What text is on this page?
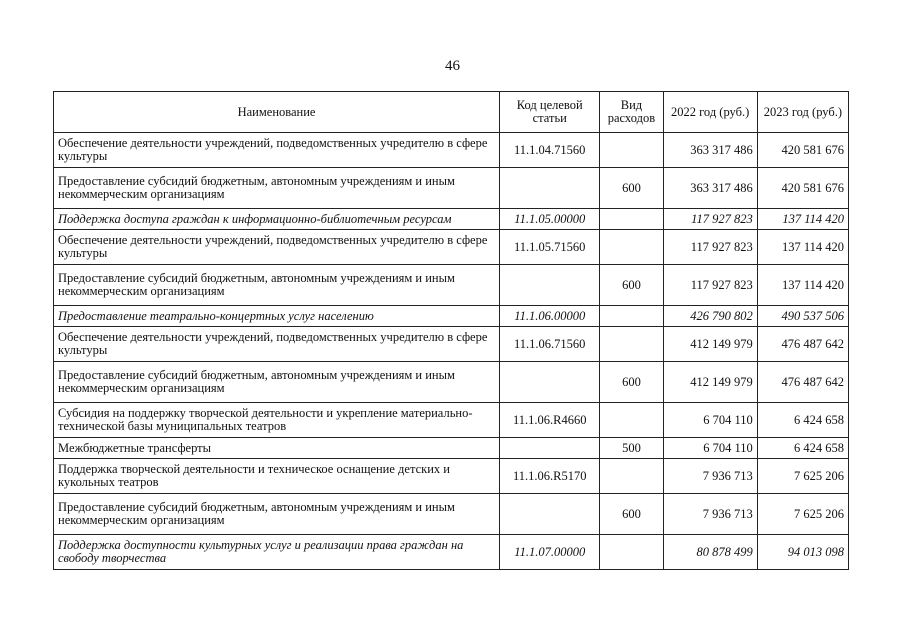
46
Наименование	Код целевой статьи	Вид расходов	2022 год (руб.)	2023 год (руб.)
Обеспечение деятельности учреждений, подведомственных учредителю в сфере культуры	11.1.04.71560		363 317 486	420 581 676
Предоставление субсидий бюджетным, автономным учреждениям и иным некоммерческим организациям		600	363 317 486	420 581 676
Поддержка доступа граждан к информационно-библиотечным ресурсам	11.1.05.00000		117 927 823	137 114 420
Обеспечение деятельности учреждений, подведомственных учредителю в сфере культуры	11.1.05.71560		117 927 823	137 114 420
Предоставление субсидий бюджетным, автономным учреждениям и иным некоммерческим организациям		600	117 927 823	137 114 420
Предоставление театрально-концертных услуг населению	11.1.06.00000		426 790 802	490 537 506
Обеспечение деятельности учреждений, подведомственных учредителю в сфере культуры	11.1.06.71560		412 149 979	476 487 642
Предоставление субсидий бюджетным, автономным учреждениям и иным некоммерческим организациям		600	412 149 979	476 487 642
Субсидия на поддержку творческой деятельности и укрепление материально-технической базы муниципальных театров	11.1.06.R4660		6 704 110	6 424 658
Межбюджетные трансферты		500	6 704 110	6 424 658
Поддержка творческой деятельности и техническое оснащение детских и кукольных театров	11.1.06.R5170		7 936 713	7 625 206
Предоставление субсидий бюджетным, автономным учреждениям и иным некоммерческим организациям		600	7 936 713	7 625 206
Поддержка доступности культурных услуг и реализации права граждан на свободу творчества	11.1.07.00000		80 878 499	94 013 098
